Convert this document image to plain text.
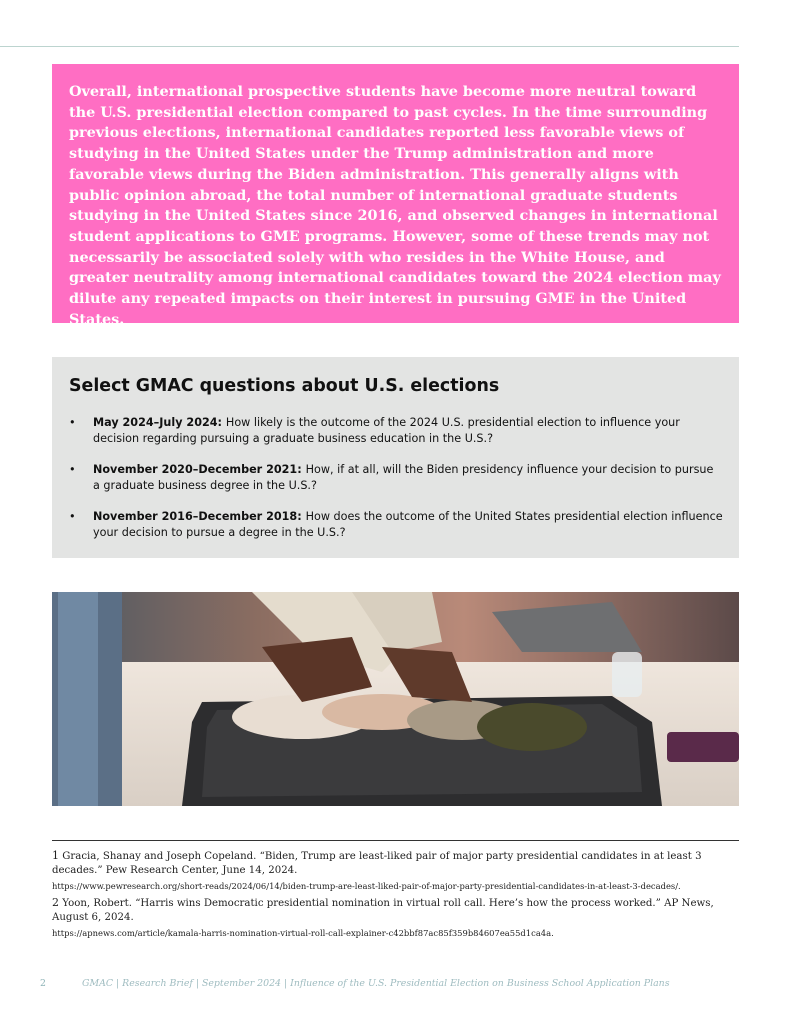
Overall, international prospective students have become more neutral toward the U.S. presidential election compared to past cycles. In the time surrounding previous elections, international candidates reported less favorable views of studying in the United States under the Trump administration and more favorable views during the Biden administration. This generally aligns with public opinion abroad, the total number of international graduate students studying in the United States since 2016, and observed changes in international student applications to GME programs. However, some of these trends may not necessarily be associated solely with who resides in the White House, and greater neutrality among international candidates toward the 2024 election may dilute any repeated impacts on their interest in pursuing GME in the United States.

Select GMAC questions about U.S. elections
• May 2024–July 2024: How likely is the outcome of the 2024 U.S. presidential election to influence your decision regarding pursuing a graduate business education in the U.S.?
• November 2020–December 2021: How, if at all, will the Biden presidency influence your decision to pursue a graduate business degree in the U.S.?
• November 2016–December 2018: How does the outcome of the United States presidential election influence your decision to pursue a degree in the U.S.?

1 Gracia, Shanay and Joseph Copeland. “Biden, Trump are least-liked pair of major party presidential candidates in at least 3 decades.” Pew Research Center, June 14, 2024.

https://www.pewresearch.org/short-reads/2024/06/14/biden-trump-are-least-liked-pair-of-major-party-presidential-candidates-in-at-least-3-decades/.

2 Yoon, Robert. “Harris wins Democratic presidential nomination in virtual roll call. Here’s how the process worked.” AP News, August 6, 2024.

https://apnews.com/article/kamala-harris-nomination-virtual-roll-call-explainer-c42bbf87ac85f359b84607ea55d1ca4a.

2	GMAC | Research Brief | September 2024 | Influence of the U.S. Presidential Election on Business School Application Plans
